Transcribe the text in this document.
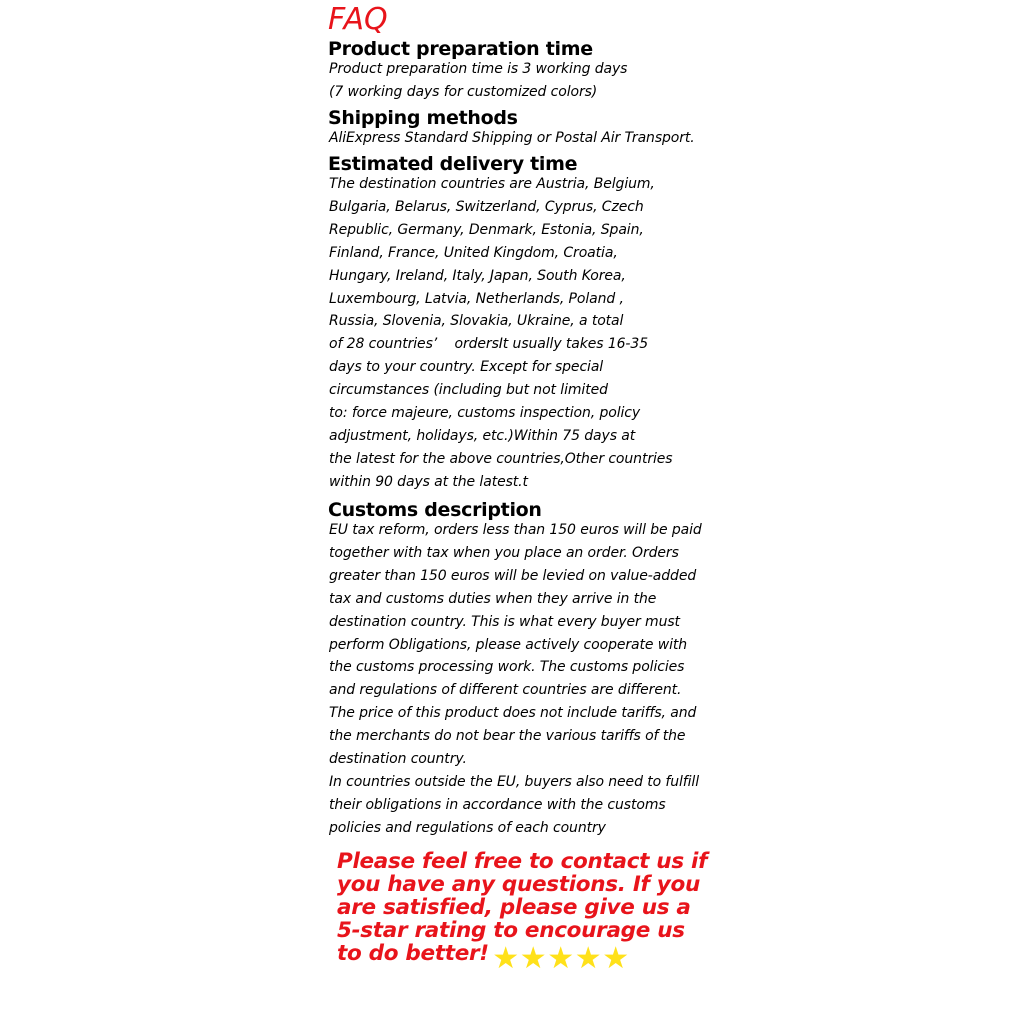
FAQ
Product preparation time

Product preparation time is 3 working days
(7 working days for customized colors)

Shipping methods

AliExpress Standard Shipping or Postal Air Transport.

Estimated delivery time

The destination countries are Austria, Belgium,
Bulgaria, Belarus, Switzerland, Cyprus, Czech
Republic, Germany, Denmark, Estonia, Spain,
Finland, France, United Kingdom, Croatia,
Hungary, Ireland, Italy, Japan, South Korea,
Luxembourg, Latvia, Netherlands, Poland ,
Russia, Slovenia, Slovakia, Ukraine, a total
of 28 countries’    ordersIt usually takes 16-35
days to your country. Except for special
circumstances (including but not limited
to: force majeure, customs inspection, policy
adjustment, holidays, etc.)Within 75 days at
the latest for the above countries,Other countries
within 90 days at the latest.t

Customs description

EU tax reform, orders less than 150 euros will be paid
together with tax when you place an order. Orders
greater than 150 euros will be levied on value-added
tax and customs duties when they arrive in the
destination country. This is what every buyer must
perform Obligations, please actively cooperate with
the customs processing work. The customs policies
and regulations of different countries are different.
The price of this product does not include tariffs, and
the merchants do not bear the various tariffs of the
destination country.
In countries outside the EU, buyers also need to fulfill
their obligations in accordance with the customs
policies and regulations of each country

Please feel free to contact us if
you have any questions. If you
are satisfied, please give us a
5-star rating to encourage us
to do better! ★ ★ ★ ★ ★
